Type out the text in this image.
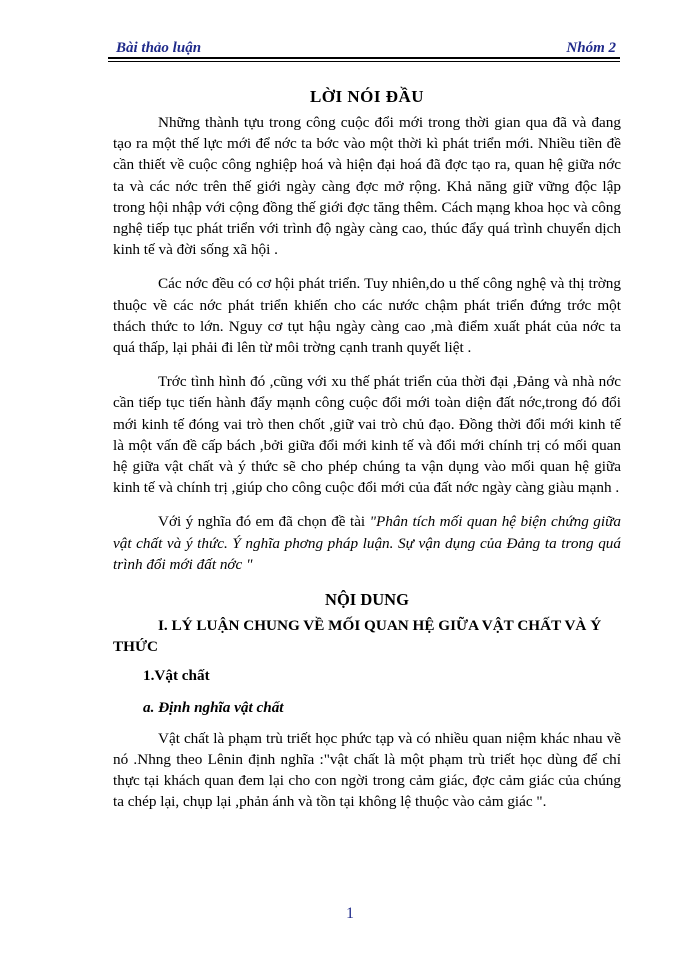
Bài thảo luận	Nhóm 2
LỜI NÓI ĐẦU

Những thành tựu trong công cuộc đổi mới trong thời gian qua đã và đang tạo ra một thế lực mới để nớc ta bớc vào một thời kì phát triển mới. Nhiều tiền đề cần thiết về cuộc công nghiệp hoá và hiện đại hoá đã đợc tạo ra, quan hệ giữa nớc ta và các nớc trên thế giới ngày càng đợc mở rộng. Khả năng giữ vững độc lập trong hội nhập với cộng đồng thế giới đợc tăng thêm. Cách mạng khoa học và công nghệ tiếp tục phát triển với trình độ ngày càng cao, thúc đẩy quá trình chuyển dịch kinh tế và đời sống xã hội .

Các nớc đều có cơ hội phát triển. Tuy nhiên,do u thế công nghệ và thị trờng thuộc về các nớc phát triển khiến cho các nước chậm phát triển đứng trớc một thách thức to lớn. Nguy cơ tụt hậu ngày càng cao ,mà điểm xuất phát của nớc ta quá thấp, lại phải đi lên từ môi trờng cạnh tranh quyết liệt .

Trớc tình hình đó ,cũng với xu thế phát triển của thời đại ,Đảng và nhà nớc cần tiếp tục tiến hành đẩy mạnh công cuộc đổi mới toàn diện đất nớc,trong đó đổi mới kinh tế đóng vai trò then chốt ,giữ vai trò chủ đạo. Đồng thời đổi mới kinh tế là một vấn đề cấp bách ,bởi giữa đổi mới kinh tế và đổi mới chính trị có mối quan hệ giữa vật chất và ý thức sẽ cho phép chúng ta vận dụng vào mối quan hệ giữa kinh tế và chính trị ,giúp cho công cuộc đổi mới của đất nớc ngày càng giàu mạnh .

Với ý nghĩa đó em đã chọn đề tài "Phân tích mối quan hệ biện chứng giữa vật chất và ý thức. Ý nghĩa phơng pháp luận. Sự vận dụng của Đảng ta trong quá trình đổi mới đất nớc "

NỘI DUNG

I. LÝ LUẬN CHUNG VỀ MỐI QUAN HỆ GIỮA VẬT CHẤT VÀ Ý THỨC

1.Vật chất

a. Định nghĩa vật chất

Vật chất là phạm trù triết học phức tạp và có nhiều quan niệm khác nhau về nó .Nhng theo Lênin định nghĩa :"vật chất là một phạm trù triết học dùng để chỉ thực tại khách quan đem lại cho con ngời trong cảm giác, đợc cảm giác của chúng ta chép lại, chụp lại ,phản ánh và tồn tại không lệ thuộc vào cảm giác ".

1
